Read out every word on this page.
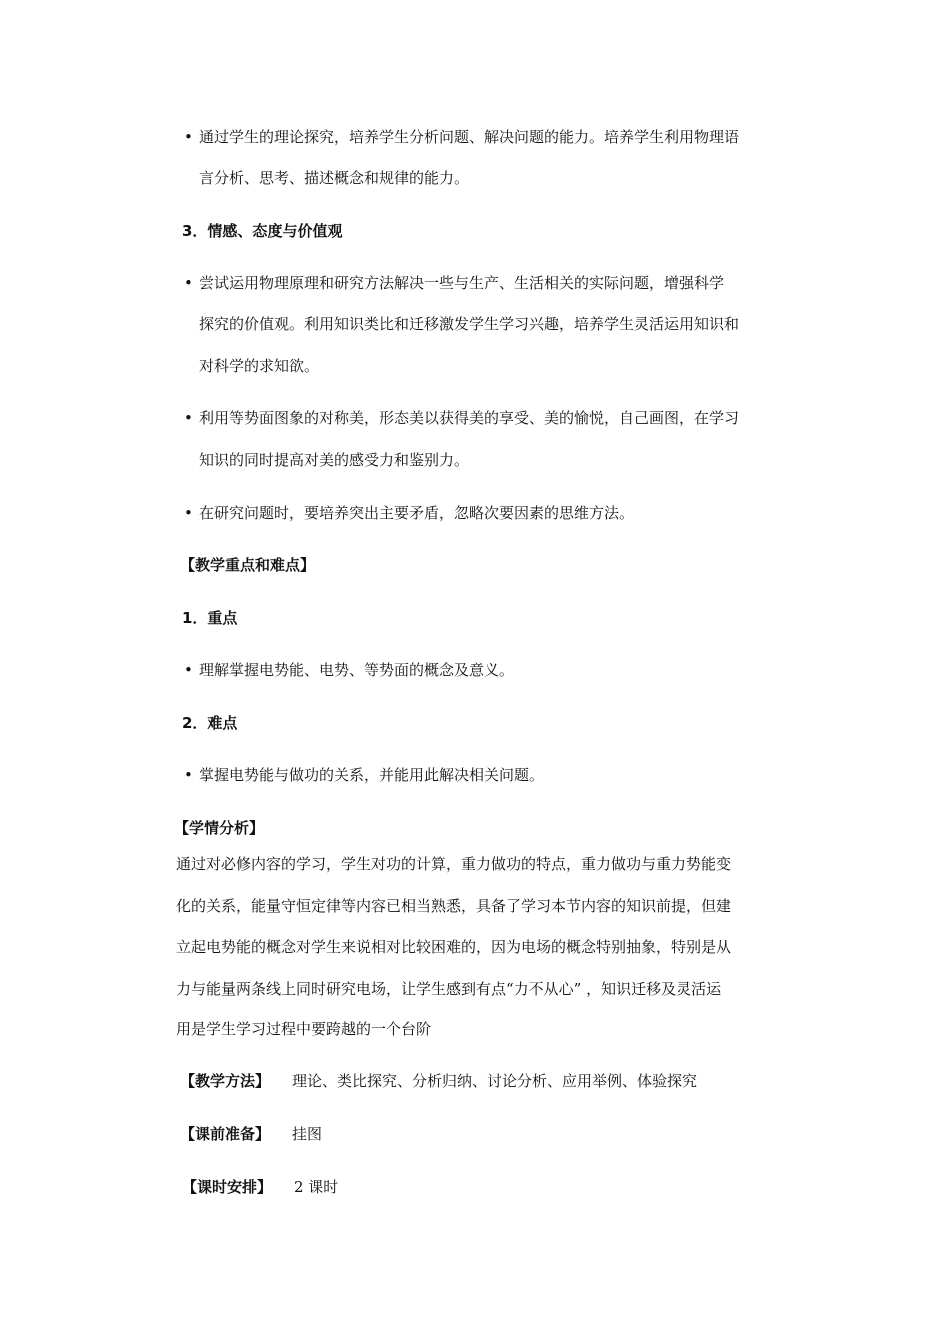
• 通过学生的理论探究，培养学生分析问题、解决问题的能力。培养学生利用物理语
言分析、思考、描述概念和规律的能力。
3．情感、态度与价值观
• 尝试运用物理原理和研究方法解决一些与生产、生活相关的实际问题，增强科学
探究的价值观。利用知识类比和迁移激发学生学习兴趣，培养学生灵活运用知识和
对科学的求知欲。
• 利用等势面图象的对称美，形态美以获得美的享受、美的愉悦，自己画图，在学习
知识的同时提高对美的感受力和鉴别力。
• 在研究问题时，要培养突出主要矛盾，忽略次要因素的思维方法。
【教学重点和难点】
1．重点
• 理解掌握电势能、电势、等势面的概念及意义。
2．难点
• 掌握电势能与做功的关系，并能用此解决相关问题。
【学情分析】
通过对必修内容的学习，学生对功的计算，重力做功的特点，重力做功与重力势能变
化的关系，能量守恒定律等内容已相当熟悉，具备了学习本节内容的知识前提，但建
立起电势能的概念对学生来说相对比较困难的，因为电场的概念特别抽象，特别是从
力与能量两条线上同时研究电场，让学生感到有点“力不从心” ，知识迁移及灵活运
用是学生学习过程中要跨越的一个台阶
【教学方法】 理论、类比探究、分析归纳、讨论分析、应用举例、体验探究
【课前准备】 挂图
【课时安排】 2 课时
